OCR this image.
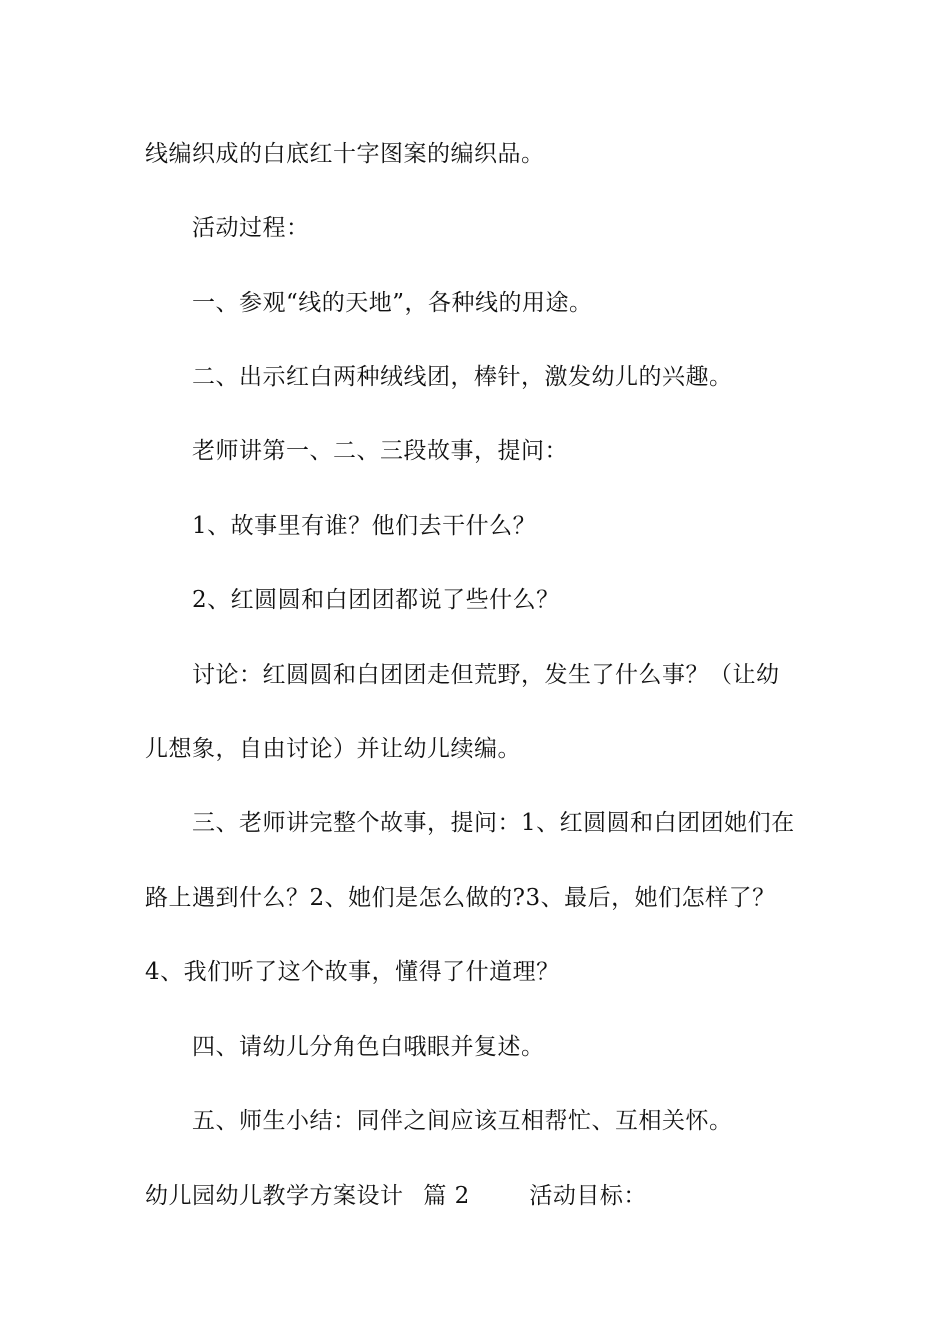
线编织成的白底红十字图案的编织品。
活动过程：
一、参观“线的天地”，各种线的用途。
二、出示红白两种绒线团，棒针，激发幼儿的兴趣。
老师讲第一、二、三段故事，提问：
1、故事里有谁？他们去干什么？
2、红圆圆和白团团都说了些什么？
讨论：红圆圆和白团团走但荒野，发生了什么事？（让幼
儿想象，自由讨论）并让幼儿续编。
三、老师讲完整个故事，提问：1、红圆圆和白团团她们在
路上遇到什么？2、她们是怎么做的?3、最后，她们怎样了？
4、我们听了这个故事，懂得了什道理？
四、请幼儿分角色白哦眼并复述。
五、师生小结：同伴之间应该互相帮忙、互相关怀。
幼儿园幼儿教学方案设计 篇 2	活动目标：
